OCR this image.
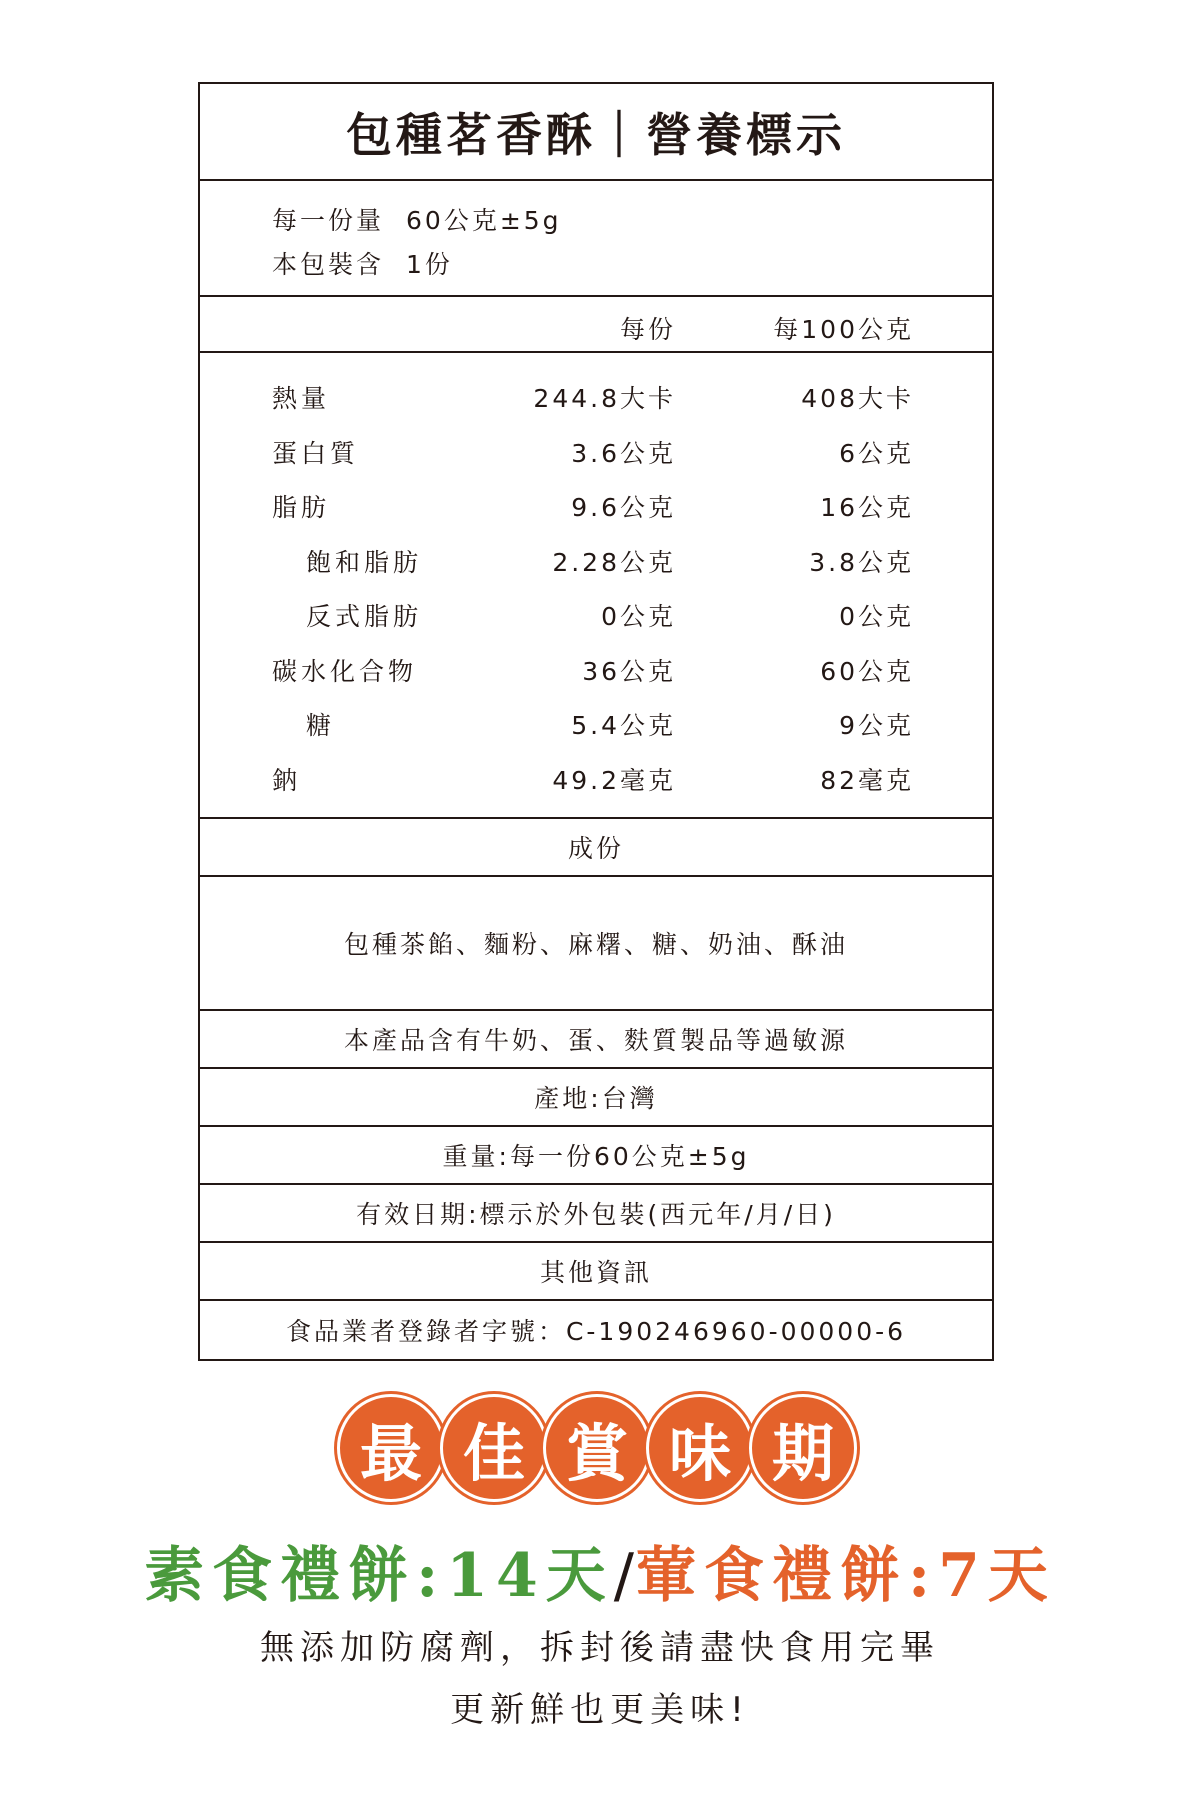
包種茗香酥｜營養標示
每一份量 60公克±5g
本包裝含 1份
每份	每100公克
熱量	244.8大卡	408大卡
蛋白質	3.6公克	6公克
脂肪	9.6公克	16公克
飽和脂肪	2.28公克	3.8公克
反式脂肪	0公克	0公克
碳水化合物	36公克	60公克
糖	5.4公克	9公克
鈉	49.2毫克	82毫克
成份
包種茶餡、麵粉、麻糬、糖、奶油、酥油
本產品含有牛奶、蛋、麩質製品等過敏源
產地:台灣
重量:每一份60公克±5g
有效日期:標示於外包裝(西元年/月/日)
其他資訊
食品業者登錄者字號：C-190246960-00000-6
最 佳 賞 味 期
素食禮餅:14天/葷食禮餅:7天
無添加防腐劑，拆封後請盡快食用完畢
更新鮮也更美味!
